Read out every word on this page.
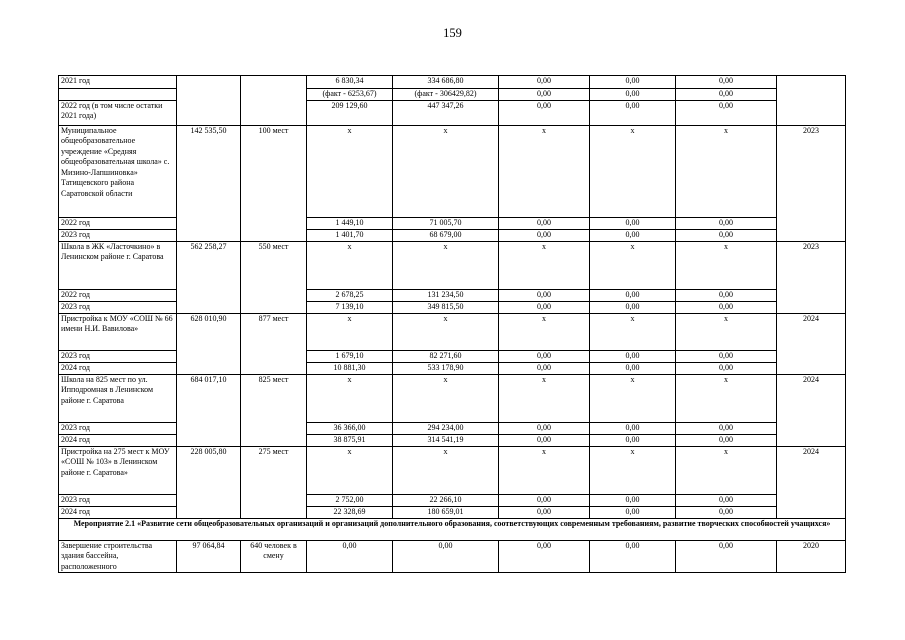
159
2021 год			6 830,34	334 686,80	0,00	0,00	0,00	
			(факт - 6253,67)	(факт - 306429,82)	0,00	0,00	0,00	
2022 год (в том числе остатки 2021 года)			209 129,60	447 347,26	0,00	0,00	0,00	
Муниципальное общеобразовательное учреждение «Средняя общеобразовательная школа» с. Мизино-Лапшиновка» Татищевского района Саратовской области	142 535,50	100 мест	x	x	x	x	x	2023
2022 год			1 449,10	71 005,70	0,00	0,00	0,00	
2023 год			1 401,70	68 679,00	0,00	0,00	0,00	
Школа в ЖК «Ласточкино» в Ленинском районе г. Саратова	562 258,27	550 мест	x	x	x	x	x	2023
2022 год			2 678,25	131 234,50	0,00	0,00	0,00	
2023 год			7 139,10	349 815,50	0,00	0,00	0,00	
Пристройка к МОУ «СОШ № 66 имени Н.И. Вавилова»	628 010,90	877 мест	x	x	x	x	x	2024
2023 год			1 679,10	82 271,60	0,00	0,00	0,00	
2024 год			10 881,30	533 178,90	0,00	0,00	0,00	
Школа на 825 мест по ул. Ипподромная в Ленинском районе г. Саратова	684 017,10	825 мест	x	x	x	x	x	2024
2023 год			36 366,00	294 234,00	0,00	0,00	0,00	
2024 год			38 875,91	314 541,19	0,00	0,00	0,00	
Пристройка на 275 мест к МОУ «СОШ № 103» в Ленинском районе г. Саратова»	228 005,80	275 мест	x	x	x	x	x	2024
2023 год			2 752,00	22 266,10	0,00	0,00	0,00	
2024 год			22 328,69	180 659,01	0,00	0,00	0,00	
Мероприятие 2.1 «Развитие сети общеобразовательных организаций и организаций дополнительного образования, соответствующих современным требованиям, развитие творческих способностей учащихся»								
Завершение строительства здания бассейна, расположенного	97 064,84	640 человек в смену	0,00	0,00	0,00	0,00	0,00	2020
